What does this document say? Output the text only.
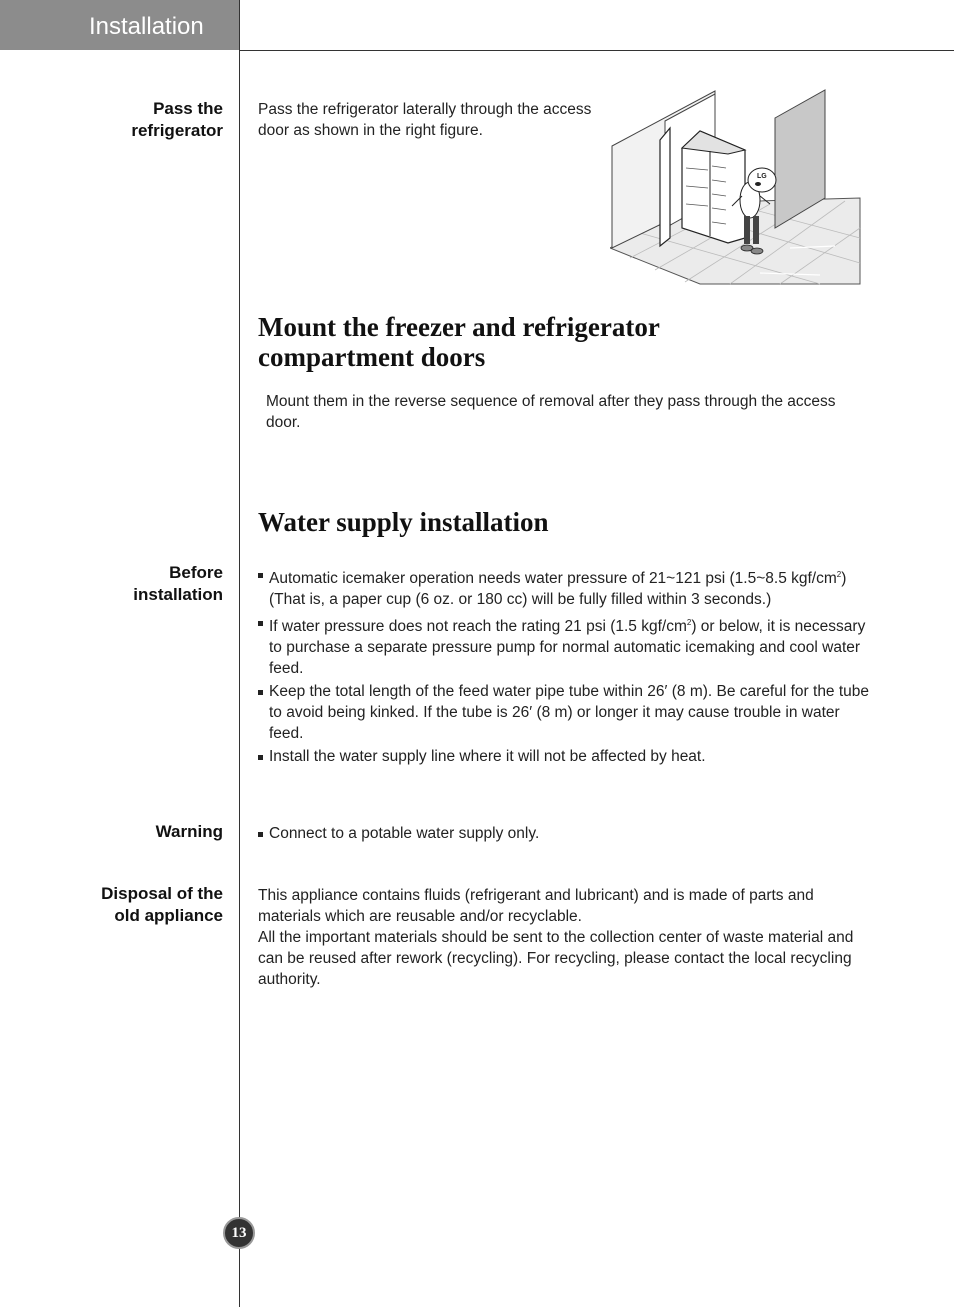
Installation
Pass the
refrigerator
Pass the refrigerator laterally through the access door as shown in the right figure.
LG
Mount the freezer and refrigerator
compartment doors
Mount them in the reverse sequence of removal after they pass through the access door.
Water supply installation
Before
installation
Automatic icemaker operation needs water pressure of 21~121 psi (1.5~8.5 kgf/$cm^2$) (That is, a paper cup (6 oz. or 180 cc) will be fully filled within 3 seconds.)
If water pressure does not reach the rating 21 psi (1.5 kgf/$cm^2$) or below, it is necessary to purchase a separate pressure pump for normal automatic icemaking and cool water feed.
Keep the total length of the feed water pipe tube within 26′ (8 m). Be careful for the tube to avoid being kinked. If the tube is 26′ (8 m) or longer it may cause trouble in water feed.
Install the water supply line where it will not be affected by heat.
Warning	Connect to a potable water supply only.
Disposal of the
old appliance
This appliance contains fluids (refrigerant and lubricant) and is made of parts and materials which are reusable and/or recyclable.
All the important materials should be sent to the collection center of waste material and can be reused after rework (recycling). For recycling, please contact the local recycling authority.
13
